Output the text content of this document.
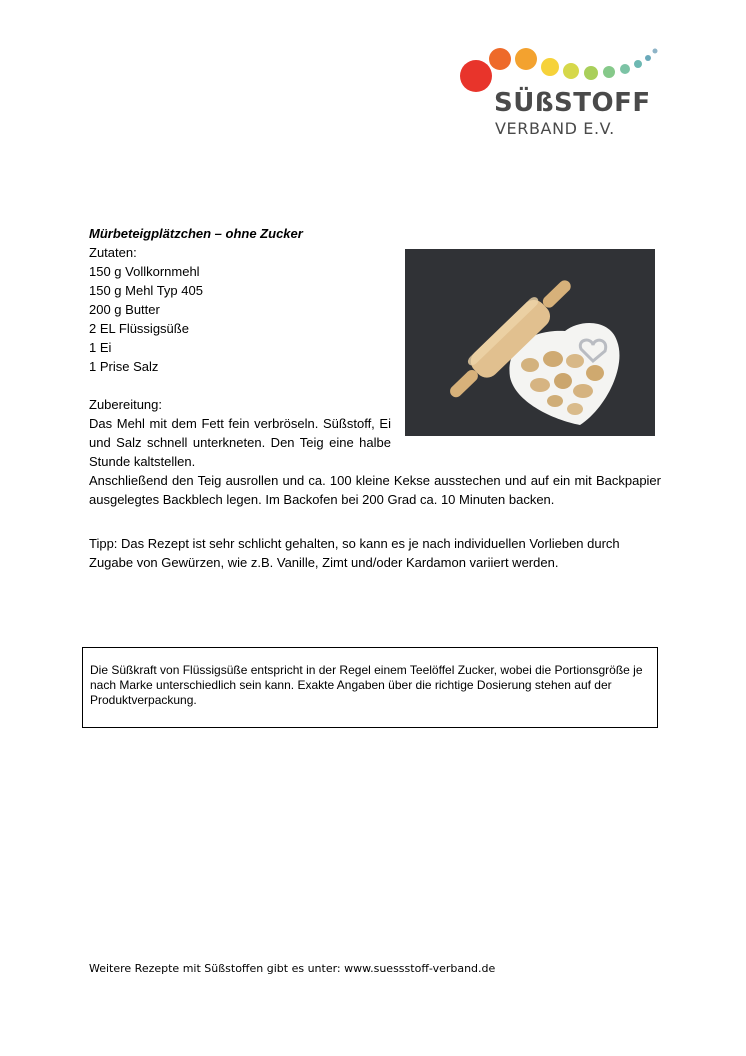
SÜßSTOFF
VERBAND E.V.

Mürbeteigplätzchen – ohne Zucker

Zutaten:

150 g Vollkornmehl

150 g Mehl Typ 405

200 g Butter

2 EL Flüssigsüße

1 Ei

1 Prise Salz

Zubereitung:

Das Mehl mit dem Fett fein verbröseln. Süßstoff, Ei und Salz schnell unterkneten. Den Teig eine halbe Stunde kaltstellen.

Anschließend den Teig ausrollen und ca. 100 kleine Kekse ausstechen und auf ein mit Backpapier ausgelegtes Backblech legen. Im Backofen bei 200 Grad ca. 10 Minuten backen.

Tipp: Das Rezept ist sehr schlicht gehalten, so kann es je nach individuellen Vorlieben durch Zugabe von Gewürzen, wie z.B. Vanille, Zimt und/oder Kardamon variiert werden.

Die Süßkraft von Flüssigsüße entspricht in der Regel einem Teelöffel Zucker, wobei die Portionsgröße je nach Marke unterschiedlich sein kann. Exakte Angaben über die richtige Dosierung stehen auf der Produktverpackung.
Weitere Rezepte mit Süßstoffen gibt es unter: www.suessstoff-verband.de
